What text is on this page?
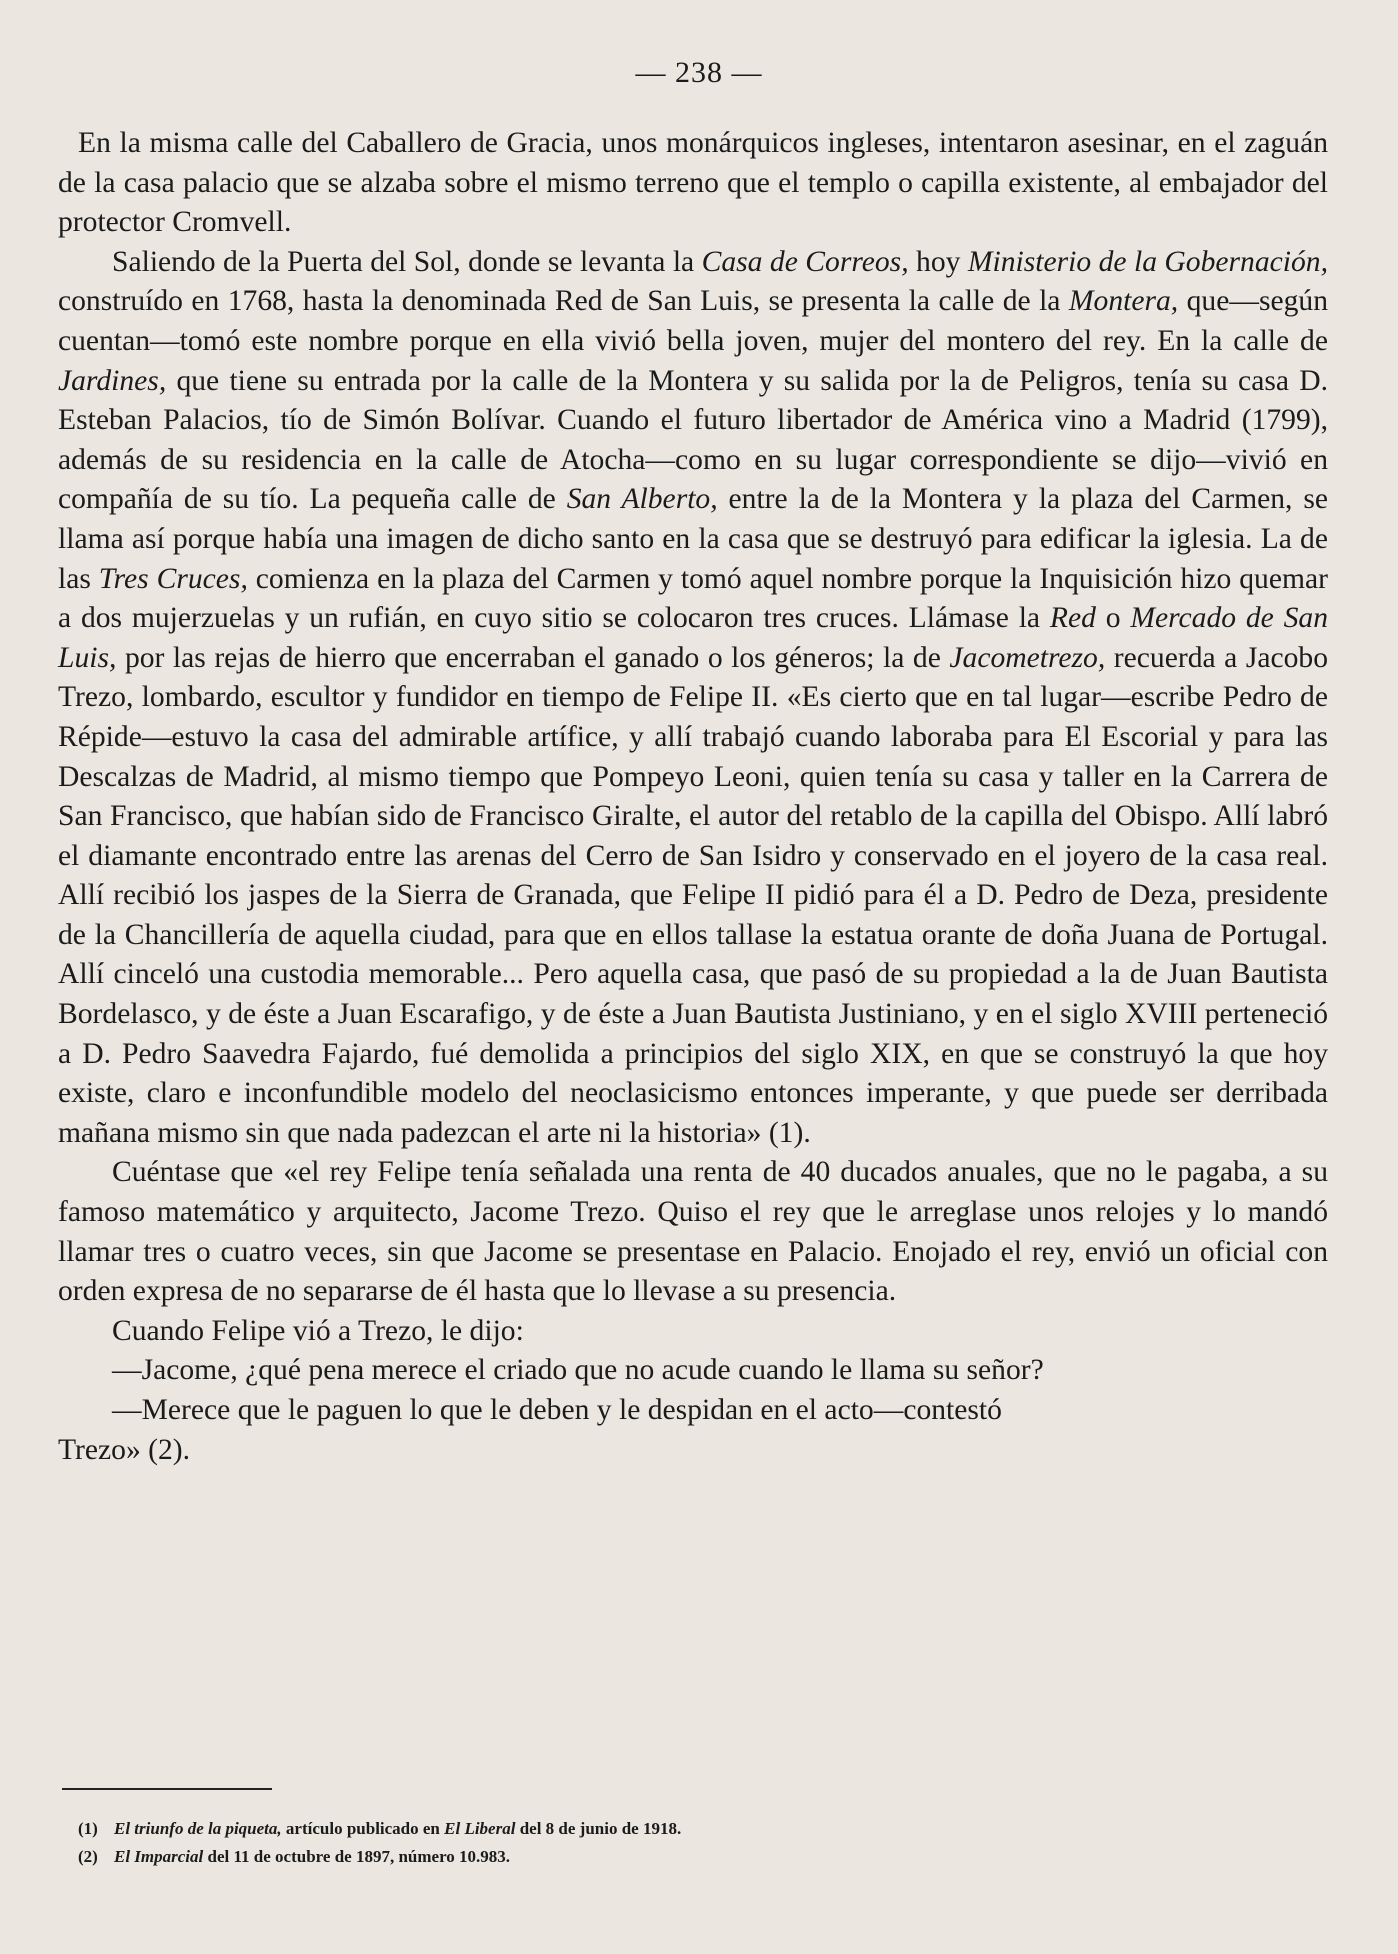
— 238 —

En la misma calle del Caballero de Gracia, unos monárquicos ingleses, intentaron asesinar, en el zaguán de la casa palacio que se alzaba sobre el mismo terreno que el templo o capilla existente, al embajador del protector Cromvell.

Saliendo de la Puerta del Sol, donde se levanta la Casa de Correos, hoy Ministerio de la Gobernación, construído en 1768, hasta la denominada Red de San Luis, se presenta la calle de la Montera, que—según cuentan—tomó este nombre porque en ella vivió bella joven, mujer del montero del rey. En la calle de Jardines, que tiene su entrada por la calle de la Montera y su salida por la de Peligros, tenía su casa D. Esteban Palacios, tío de Simón Bolívar. Cuando el futuro libertador de América vino a Madrid (1799), además de su residencia en la calle de Atocha—como en su lugar correspondiente se dijo—vivió en compañía de su tío. La pequeña calle de San Alberto, entre la de la Montera y la plaza del Carmen, se llama así porque había una imagen de dicho santo en la casa que se destruyó para edificar la iglesia. La de las Tres Cruces, comienza en la plaza del Carmen y tomó aquel nombre porque la Inquisición hizo quemar a dos mujerzuelas y un rufián, en cuyo sitio se colocaron tres cruces. Llámase la Red o Mercado de San Luis, por las rejas de hierro que encerraban el ganado o los géneros; la de Jacometrezo, recuerda a Jacobo Trezo, lombardo, escultor y fundidor en tiempo de Felipe II. «Es cierto que en tal lugar—escribe Pedro de Répide—estuvo la casa del admirable artífice, y allí trabajó cuando laboraba para El Escorial y para las Descalzas de Madrid, al mismo tiempo que Pompeyo Leoni, quien tenía su casa y taller en la Carrera de San Francisco, que habían sido de Francisco Giralte, el autor del retablo de la capilla del Obispo. Allí labró el diamante encontrado entre las arenas del Cerro de San Isidro y conservado en el joyero de la casa real. Allí recibió los jaspes de la Sierra de Granada, que Felipe II pidió para él a D. Pedro de Deza, presidente de la Chancillería de aquella ciudad, para que en ellos tallase la estatua orante de doña Juana de Portugal. Allí cinceló una custodia memorable... Pero aquella casa, que pasó de su propiedad a la de Juan Bautista Bordelasco, y de éste a Juan Escarafigo, y de éste a Juan Bautista Justiniano, y en el siglo XVIII perteneció a D. Pedro Saavedra Fajardo, fué demolida a principios del siglo XIX, en que se construyó la que hoy existe, claro e inconfundible modelo del neoclasicismo entonces imperante, y que puede ser derribada mañana mismo sin que nada padezcan el arte ni la historia» (1).

Cuéntase que «el rey Felipe tenía señalada una renta de 40 ducados anuales, que no le pagaba, a su famoso matemático y arquitecto, Jacome Trezo. Quiso el rey que le arreglase unos relojes y lo mandó llamar tres o cuatro veces, sin que Jacome se presentase en Palacio. Enojado el rey, envió un oficial con orden expresa de no separarse de él hasta que lo llevase a su presencia.

Cuando Felipe vió a Trezo, le dijo:

—Jacome, ¿qué pena merece el criado que no acude cuando le llama su señor?

—Merece que le paguen lo que le deben y le despidan en el acto—contestó

Trezo» (2).

(1) El triunfo de la piqueta, artículo publicado en El Liberal del 8 de junio de 1918.

(2) El Imparcial del 11 de octubre de 1897, número 10.983.
